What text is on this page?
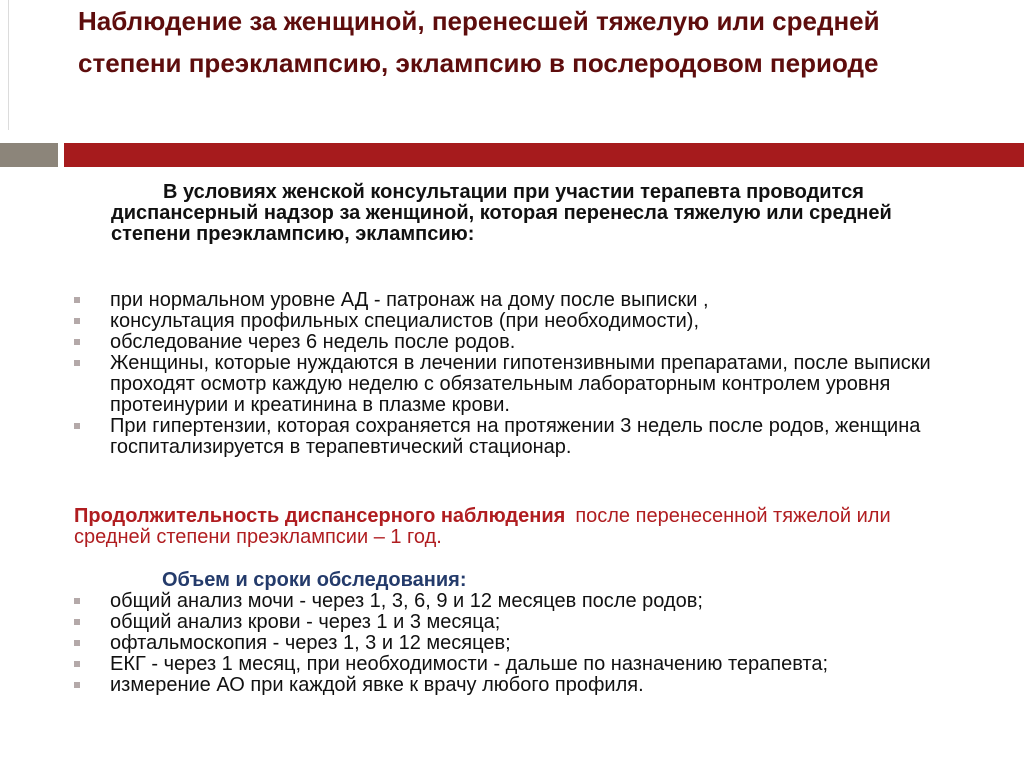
Наблюдение за женщиной, перенесшей тяжелую или средней степени преэклампсию, эклампсию в послеродовом периоде

В условиях женской консультации при участии терапевта проводится диспансерный надзор за женщиной, которая перенесла тяжелую или средней степени преэклампсию, эклампсию:

при нормальном уровне АД - патронаж на дому после выписки ,
консультация профильных специалистов (при необходимости),
обследование через 6 недель после родов.
Женщины, которые нуждаются в лечении гипотензивными препаратами, после выписки проходят осмотр каждую неделю с обязательным лабораторным контролем уровня протеинурии и креатинина в плазме крови.
При гипертензии, которая сохраняется на протяжении 3 недель после родов, женщина госпитализируется в терапевтический стационар.

Продолжительность диспансерного наблюдения после перенесенной тяжелой или средней степени преэклампсии – 1 год.

Объем и сроки обследования:
общий анализ мочи - через 1, 3, 6, 9 и 12 месяцев после родов;
общий анализ крови - через 1 и 3 месяца;
офтальмоскопия - через 1, 3 и 12 месяцев;
ЕКГ - через 1 месяц, при необходимости - дальше по назначению терапевта;
измерение АО при каждой явке к врачу любого профиля.
